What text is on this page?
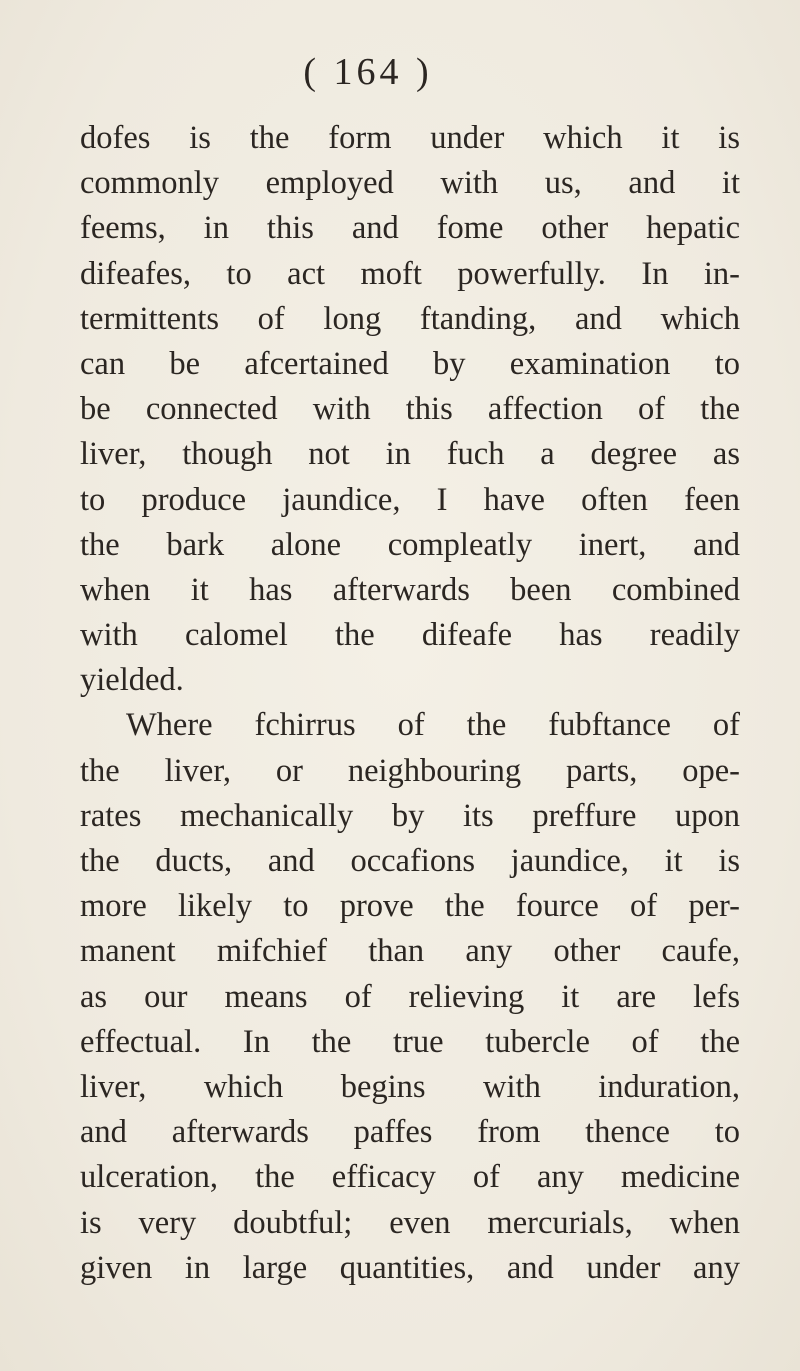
( 164 )
dofes is the form under which it is
commonly employed with us, and it
feems, in this and fome other hepatic
difeafes, to act moft powerfully. In in-
termittents of long ftanding, and which
can be afcertained by examination to
be connected with this affection of the
liver, though not in fuch a degree as
to produce jaundice, I have often feen
the bark alone compleatly inert, and
when it has afterwards been combined
with calomel the difeafe has readily
yielded.
Where fchirrus of the fubftance of
the liver, or neighbouring parts, ope-
rates mechanically by its preffure upon
the ducts, and occafions jaundice, it is
more likely to prove the fource of per-
manent mifchief than any other caufe,
as our means of relieving it are lefs
effectual. In the true tubercle of the
liver, which begins with induration,
and afterwards paffes from thence to
ulceration, the efficacy of any medicine
is very doubtful; even mercurials, when
given in large quantities, and under any
